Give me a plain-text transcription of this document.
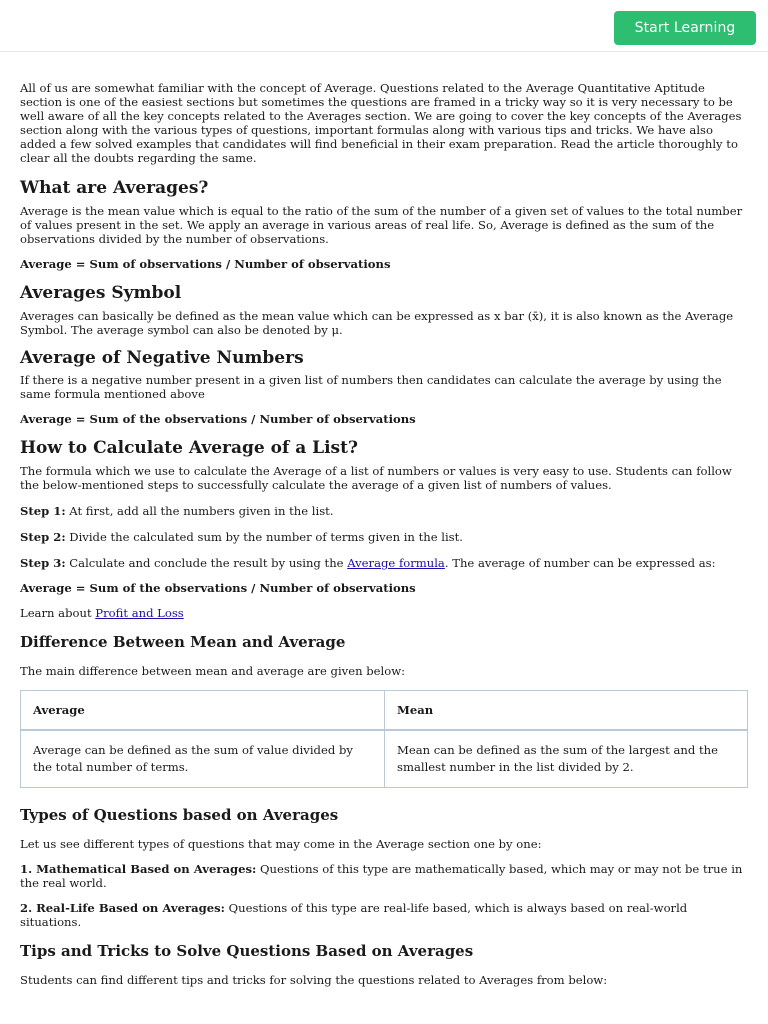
Start Learning

All of us are somewhat familiar with the concept of Average. Questions related to the Average Quantitative Aptitude section is one of the easiest sections but sometimes the questions are framed in a tricky way so it is very necessary to be well aware of all the key concepts related to the Averages section. We are going to cover the key concepts of the Averages section along with the various types of questions, important formulas along with various tips and tricks. We have also added a few solved examples that candidates will find beneficial in their exam preparation. Read the article thoroughly to clear all the doubts regarding the same.

What are Averages?

Average is the mean value which is equal to the ratio of the sum of the number of a given set of values to the total number of values present in the set. We apply an average in various areas of real life. So, Average is defined as the sum of the observations divided by the number of observations.

Average = Sum of observations / Number of observations

Averages Symbol

Averages can basically be defined as the mean value which can be expressed as x bar (x̄), it is also known as the Average Symbol. The average symbol can also be denoted by μ.

Average of Negative Numbers

If there is a negative number present in a given list of numbers then candidates can calculate the average by using the same formula mentioned above

Average = Sum of the observations / Number of observations

How to Calculate Average of a List?

The formula which we use to calculate the Average of a list of numbers or values is very easy to use. Students can follow the below-mentioned steps to successfully calculate the average of a given list of numbers of values.

Step 1: At first, add all the numbers given in the list.

Step 2: Divide the calculated sum by the number of terms given in the list.

Step 3: Calculate and conclude the result by using the Average formula. The average of number can be expressed as:

Average = Sum of the observations / Number of observations

Learn about Profit and Loss

Difference Between Mean and Average

The main difference between mean and average are given below:

Average	Mean
Average can be defined as the sum of value divided by the total number of terms.	Mean can be defined as the sum of the largest and the smallest number in the list divided by 2.
Types of Questions based on Averages

Let us see different types of questions that may come in the Average section one by one:

1. Mathematical Based on Averages: Questions of this type are mathematically based, which may or may not be true in the real world.

2. Real-Life Based on Averages: Questions of this type are real-life based, which is always based on real-world situations.

Tips and Tricks to Solve Questions Based on Averages

Students can find different tips and tricks for solving the questions related to Averages from below:
